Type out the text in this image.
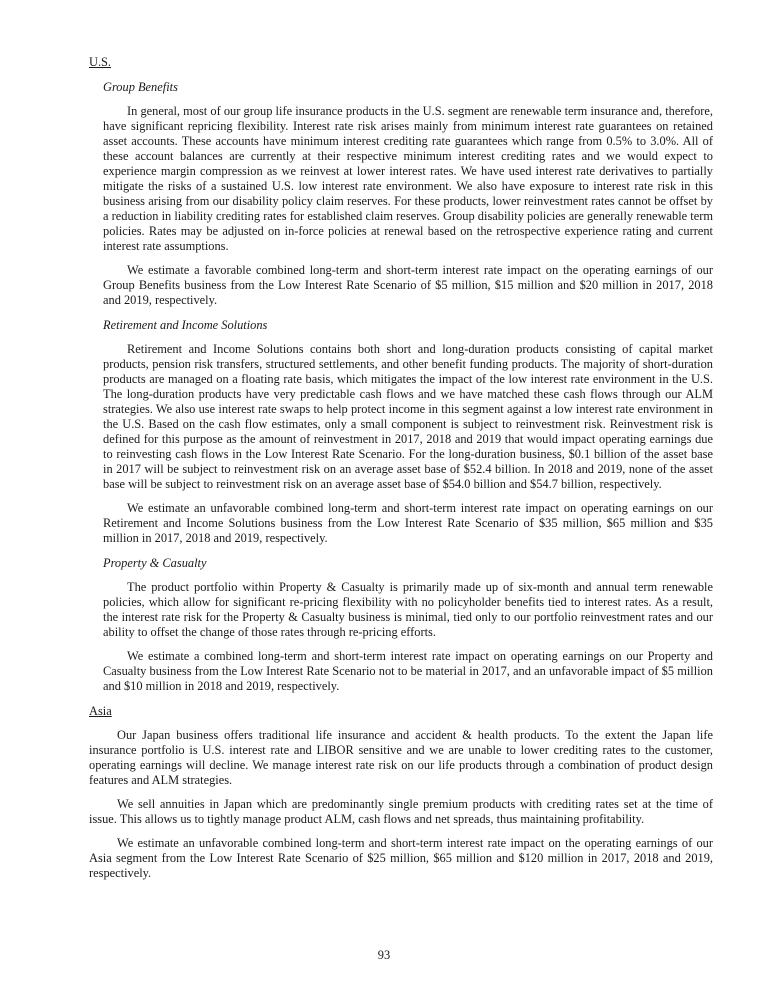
U.S.
Group Benefits

In general, most of our group life insurance products in the U.S. segment are renewable term insurance and, therefore, have significant repricing flexibility. Interest rate risk arises mainly from minimum interest rate guarantees on retained asset accounts. These accounts have minimum interest crediting rate guarantees which range from 0.5% to 3.0%. All of these account balances are currently at their respective minimum interest crediting rates and we would expect to experience margin compression as we reinvest at lower interest rates. We have used interest rate derivatives to partially mitigate the risks of a sustained U.S. low interest rate environment. We also have exposure to interest rate risk in this business arising from our disability policy claim reserves. For these products, lower reinvestment rates cannot be offset by a reduction in liability crediting rates for established claim reserves. Group disability policies are generally renewable term policies. Rates may be adjusted on in-force policies at renewal based on the retrospective experience rating and current interest rate assumptions.

We estimate a favorable combined long-term and short-term interest rate impact on the operating earnings of our Group Benefits business from the Low Interest Rate Scenario of $5 million, $15 million and $20 million in 2017, 2018 and 2019, respectively.

Retirement and Income Solutions

Retirement and Income Solutions contains both short and long-duration products consisting of capital market products, pension risk transfers, structured settlements, and other benefit funding products. The majority of short-duration products are managed on a floating rate basis, which mitigates the impact of the low interest rate environment in the U.S. The long-duration products have very predictable cash flows and we have matched these cash flows through our ALM strategies. We also use interest rate swaps to help protect income in this segment against a low interest rate environment in the U.S. Based on the cash flow estimates, only a small component is subject to reinvestment risk. Reinvestment risk is defined for this purpose as the amount of reinvestment in 2017, 2018 and 2019 that would impact operating earnings due to reinvesting cash flows in the Low Interest Rate Scenario. For the long-duration business, $0.1 billion of the asset base in 2017 will be subject to reinvestment risk on an average asset base of $52.4 billion. In 2018 and 2019, none of the asset base will be subject to reinvestment risk on an average asset base of $54.0 billion and $54.7 billion, respectively.

We estimate an unfavorable combined long-term and short-term interest rate impact on operating earnings on our Retirement and Income Solutions business from the Low Interest Rate Scenario of $35 million, $65 million and $35 million in 2017, 2018 and 2019, respectively.

Property & Casualty

The product portfolio within Property & Casualty is primarily made up of six-month and annual term renewable policies, which allow for significant re-pricing flexibility with no policyholder benefits tied to interest rates. As a result, the interest rate risk for the Property & Casualty business is minimal, tied only to our portfolio reinvestment rates and our ability to offset the change of those rates through re-pricing efforts.

We estimate a combined long-term and short-term interest rate impact on operating earnings on our Property and Casualty business from the Low Interest Rate Scenario not to be material in 2017, and an unfavorable impact of $5 million and $10 million in 2018 and 2019, respectively.

Asia

Our Japan business offers traditional life insurance and accident & health products. To the extent the Japan life insurance portfolio is U.S. interest rate and LIBOR sensitive and we are unable to lower crediting rates to the customer, operating earnings will decline. We manage interest rate risk on our life products through a combination of product design features and ALM strategies.

We sell annuities in Japan which are predominantly single premium products with crediting rates set at the time of issue. This allows us to tightly manage product ALM, cash flows and net spreads, thus maintaining profitability.

We estimate an unfavorable combined long-term and short-term interest rate impact on the operating earnings of our Asia segment from the Low Interest Rate Scenario of $25 million, $65 million and $120 million in 2017, 2018 and 2019, respectively.

93
